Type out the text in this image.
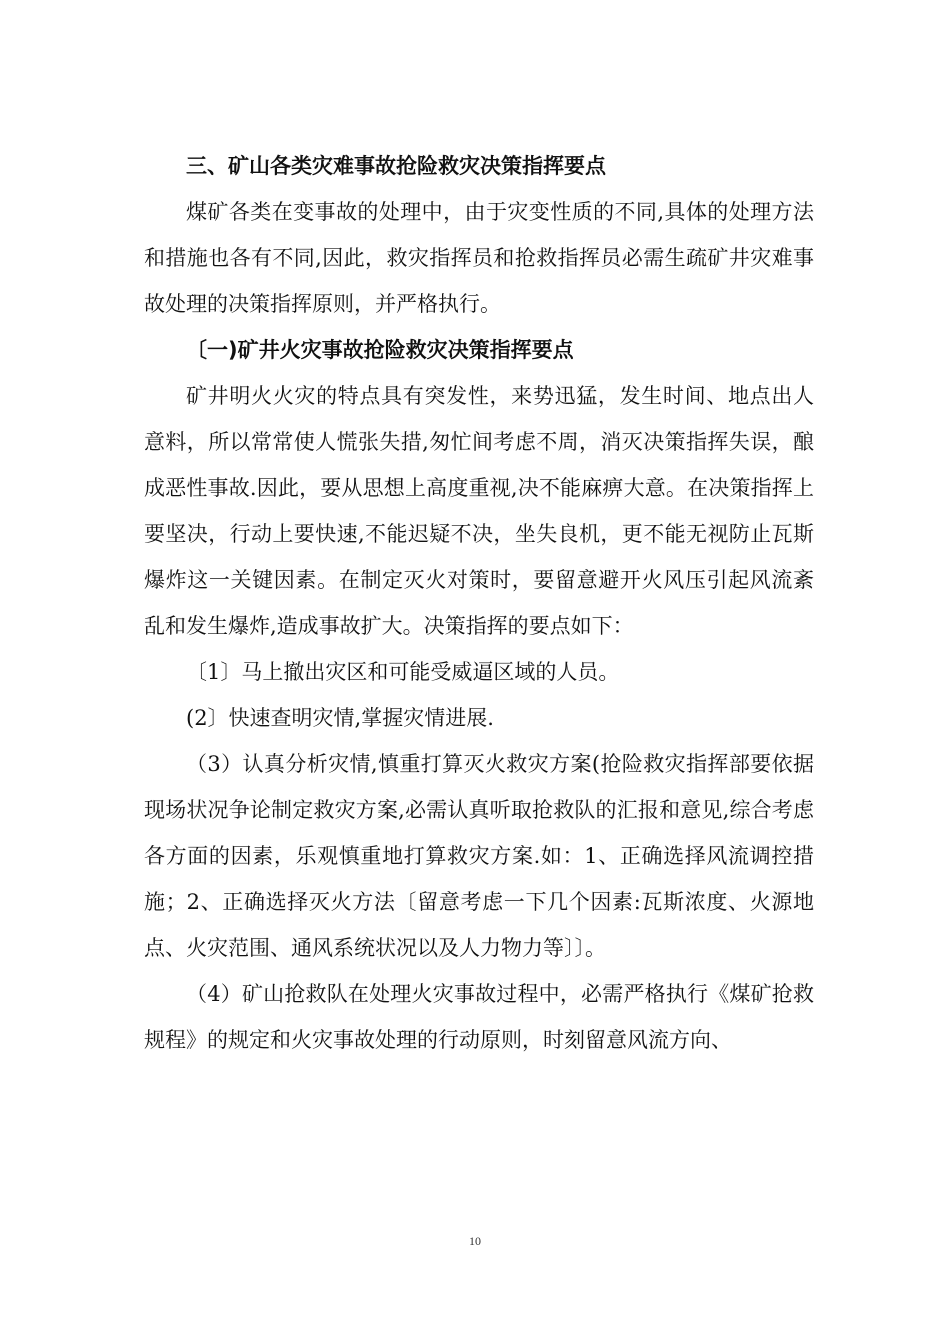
三、矿山各类灾难事故抢险救灾决策指挥要点

煤矿各类在变事故的处理中，由于灾变性质的不同,具体的处理方法和措施也各有不同,因此，救灾指挥员和抢救指挥员必需生疏矿井灾难事故处理的决策指挥原则，并严格执行。

〔一)矿井火灾事故抢险救灾决策指挥要点

矿井明火火灾的特点具有突发性，来势迅猛，发生时间、地点出人意料，所以常常使人慌张失措,匆忙间考虑不周，消灭决策指挥失误，酿成恶性事故.因此，要从思想上高度重视,决不能麻痹大意。在决策指挥上要坚决，行动上要快速,不能迟疑不决，坐失良机，更不能无视防止瓦斯爆炸这一关键因素。在制定灭火对策时，要留意避开火风压引起风流紊乱和发生爆炸,造成事故扩大。决策指挥的要点如下：

〔1〕马上撤出灾区和可能受威逼区域的人员。

(2〕快速查明灾情,掌握灾情进展.

（3）认真分析灾情,慎重打算灭火救灾方案(抢险救灾指挥部要依据现场状况争论制定救灾方案,必需认真听取抢救队的汇报和意见,综合考虑各方面的因素，乐观慎重地打算救灾方案.如：1、正确选择风流调控措施；2、正确选择灭火方法〔留意考虑一下几个因素:瓦斯浓度、火源地点、火灾范围、通风系统状况以及人力物力等〕〕。

（4）矿山抢救队在处理火灾事故过程中，必需严格执行《煤矿抢救规程》的规定和火灾事故处理的行动原则，时刻留意风流方向、

10
